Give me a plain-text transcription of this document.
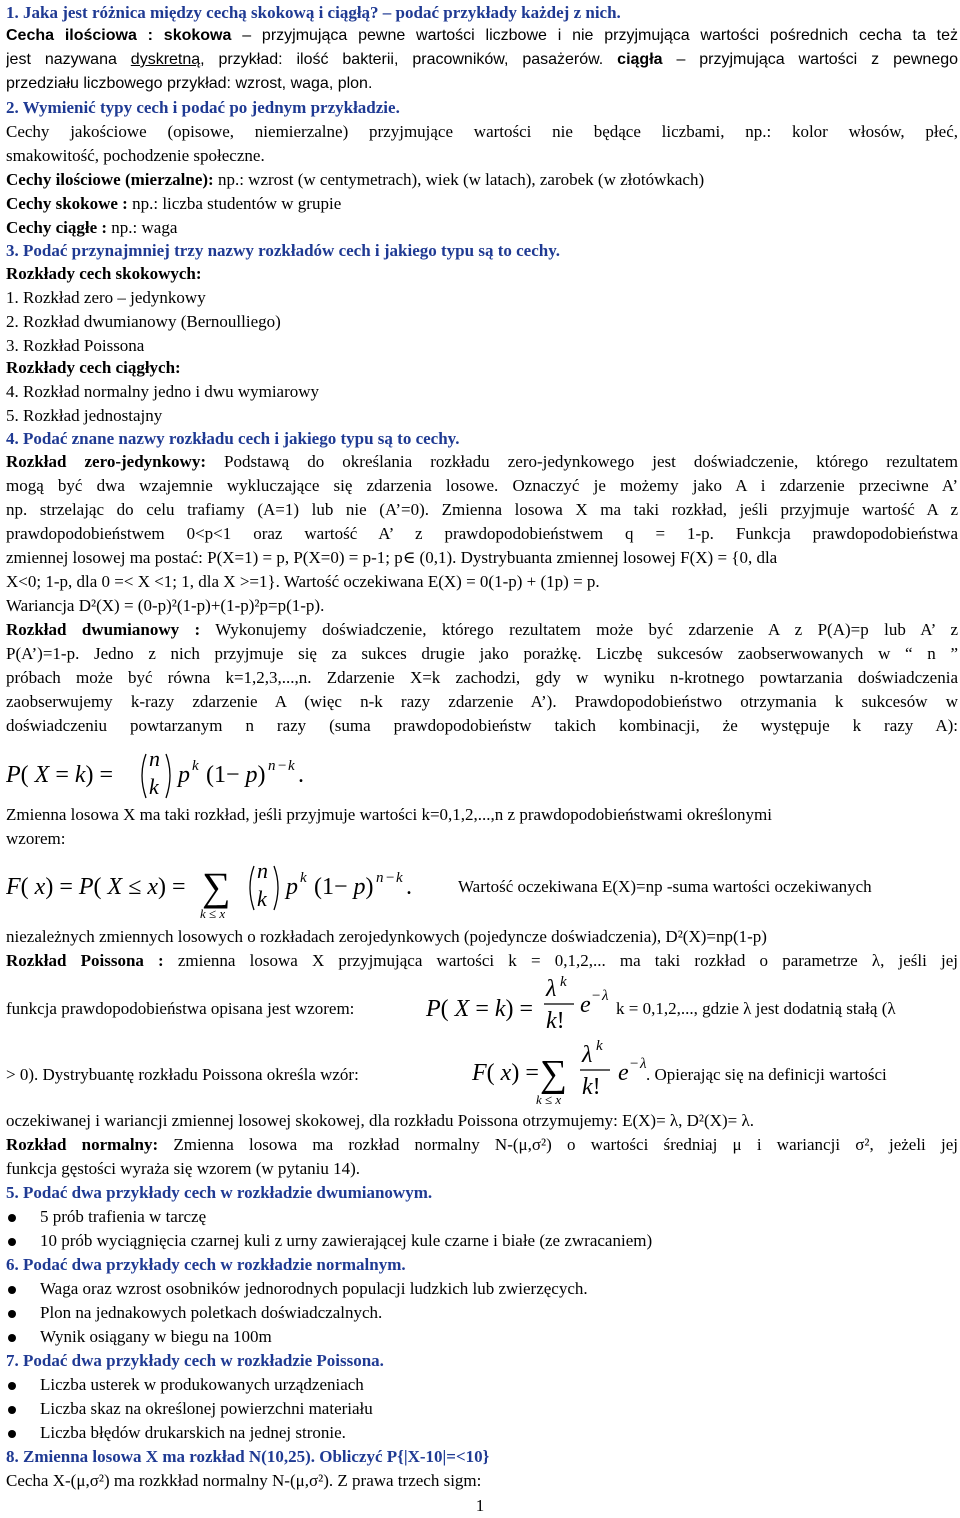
1. Jaka jest różnica między cechą skokową i ciągłą? – podać przykłady każdej z nich.
Cecha ilościowa : skokowa – przyjmująca pewne wartości liczbowe i nie przyjmująca wartości pośrednich cecha ta też
jest nazywana dyskretną, przykład: ilość bakterii, pracowników, pasażerów. ciągła – przyjmująca wartości z pewnego
przedziału liczbowego przykład: wzrost, waga, plon.
2. Wymienić typy cech i podać po jednym przykładzie.
Cechy jakościowe (opisowe, niemierzalne) przyjmujące wartości nie będące liczbami, np.: kolor włosów, płeć,
smakowitość, pochodzenie społeczne.
Cechy ilościowe (mierzalne): np.: wzrost (w centymetrach), wiek (w latach), zarobek (w złotówkach)
Cechy skokowe : np.: liczba studentów w grupie
Cechy ciągłe : np.: waga
3. Podać przynajmniej trzy nazwy rozkładów cech i jakiego typu są to cechy.
Rozkłady cech skokowych:
1. Rozkład zero – jedynkowy
2. Rozkład dwumianowy (Bernoulliego)
3. Rozkład Poissona
Rozkłady cech ciągłych:
4. Rozkład normalny jedno i dwu wymiarowy
5. Rozkład jednostajny
4. Podać znane nazwy rozkładu cech i jakiego typu są to cechy.
Rozkład zero-jedynkowy: Podstawą do określania rozkładu zero-jedynkowego jest doświadczenie, którego rezultatem
mogą być dwa wzajemnie wykluczające się zdarzenia losowe. Oznaczyć je możemy jako A i zdarzenie przeciwne A’
np. strzelając do celu trafiamy (A=1) lub nie (A’=0). Zmienna losowa X ma taki rozkład, jeśli przyjmuje wartość A z
prawdopodobieństwem 0<p<1 oraz wartość A’ z prawdopodobieństwem q = 1-p. Funkcja prawdopodobieństwa
zmiennej losowej ma postać: P(X=1) = p, P(X=0) = p-1; p∈ (0,1). Dystrybuanta zmiennej losowej F(X) = {0, dla
X<0; 1-p, dla 0 =< X <1; 1, dla X >=1}. Wartość oczekiwana E(X) = 0(1-p) + (1p) = p.
Wariancja D²(X) = (0-p)²(1-p)+(1-p)²p=p(1-p).
Rozkład dwumianowy : Wykonujemy doświadczenie, którego rezultatem może być zdarzenie A z P(A)=p lub A’ z
P(A’)=1-p. Jedno z nich przyjmuje się za sukces drugie jako porażkę. Liczbę sukcesów zaobserwowanych w “ n ”
próbach może być równa k=1,2,3,...,n. Zdarzenie X=k zachodzi, gdy w wyniku n-krotnego powtarzania doświadczenia
zaobserwujemy k-razy zdarzenie A (więc n-k razy zdarzenie A’). Prawdopodobieństwo otrzymania k sukcesów w
doświadczeniu powtarzanym n razy (suma prawdopodobieństw takich kombinacji, że występuje k razy A):
P( X = k) =
n
k p k (1− p) n − k .
Zmienna losowa X ma taki rozkład, jeśli przyjmuje wartości k=0,1,2,...,n z prawdopodobieństwami określonymi
wzorem:
F( x) = P( X ≤ x) = ∑
k ≤ x
n
k p k (1− p) n − k .	Wartość oczekiwana E(X)=np -suma wartości oczekiwanych
niezależnych zmiennych losowych o rozkładach zerojedynkowych (pojedyncze doświadczenia), D²(X)=np(1-p)
Rozkład Poissona : zmienna losowa X przyjmująca wartości k = 0,1,2,... ma taki rozkład o parametrze λ, jeśli jej
funkcja prawdopodobieństwa opisana jest wzorem:	P( X = k) =
λ k
k!
e − λ
k = 0,1,2,..., gdzie λ jest dodatnią stałą (λ
> 0). Dystrybuantę rozkładu Poissona określa wzór:	F( x) = ∑
k ≤ x
λ k
k!
e − λ
. Opierając się na definicji wartości
oczekiwanej i wariancji zmiennej losowej skokowej, dla rozkładu Poissona otrzymujemy: E(X)= λ, D²(X)= λ.
Rozkład normalny: Zmienna losowa ma rozkład normalny N-(μ,σ²) o wartości średniaj μ i wariancji σ², jeżeli jej
funkcja gęstości wyraża się wzorem (w pytaniu 14).
5. Podać dwa przykłady cech w rozkładzie dwumianowym.
5 prób trafienia w tarczę
10 prób wyciągnięcia czarnej kuli z urny zawierającej kule czarne i białe (ze zwracaniem)
6. Podać dwa przykłady cech w rozkładzie normalnym.
Waga oraz wzrost osobników jednorodnych populacji ludzkich lub zwierzęcych.
Plon na jednakowych poletkach doświadczalnych.
Wynik osiągany w biegu na 100m
7. Podać dwa przykłady cech w rozkładzie Poissona.
Liczba usterek w produkowanych urządzeniach
Liczba skaz na określonej powierzchni materiału
Liczba błędów drukarskich na jednej stronie.
8. Zmienna losowa X ma rozkład N(10,25). Obliczyć P{|X-10|=<10}
Cecha X-(μ,σ²) ma rozkkład normalny N-(μ,σ²). Z prawa trzech sigm:
1
